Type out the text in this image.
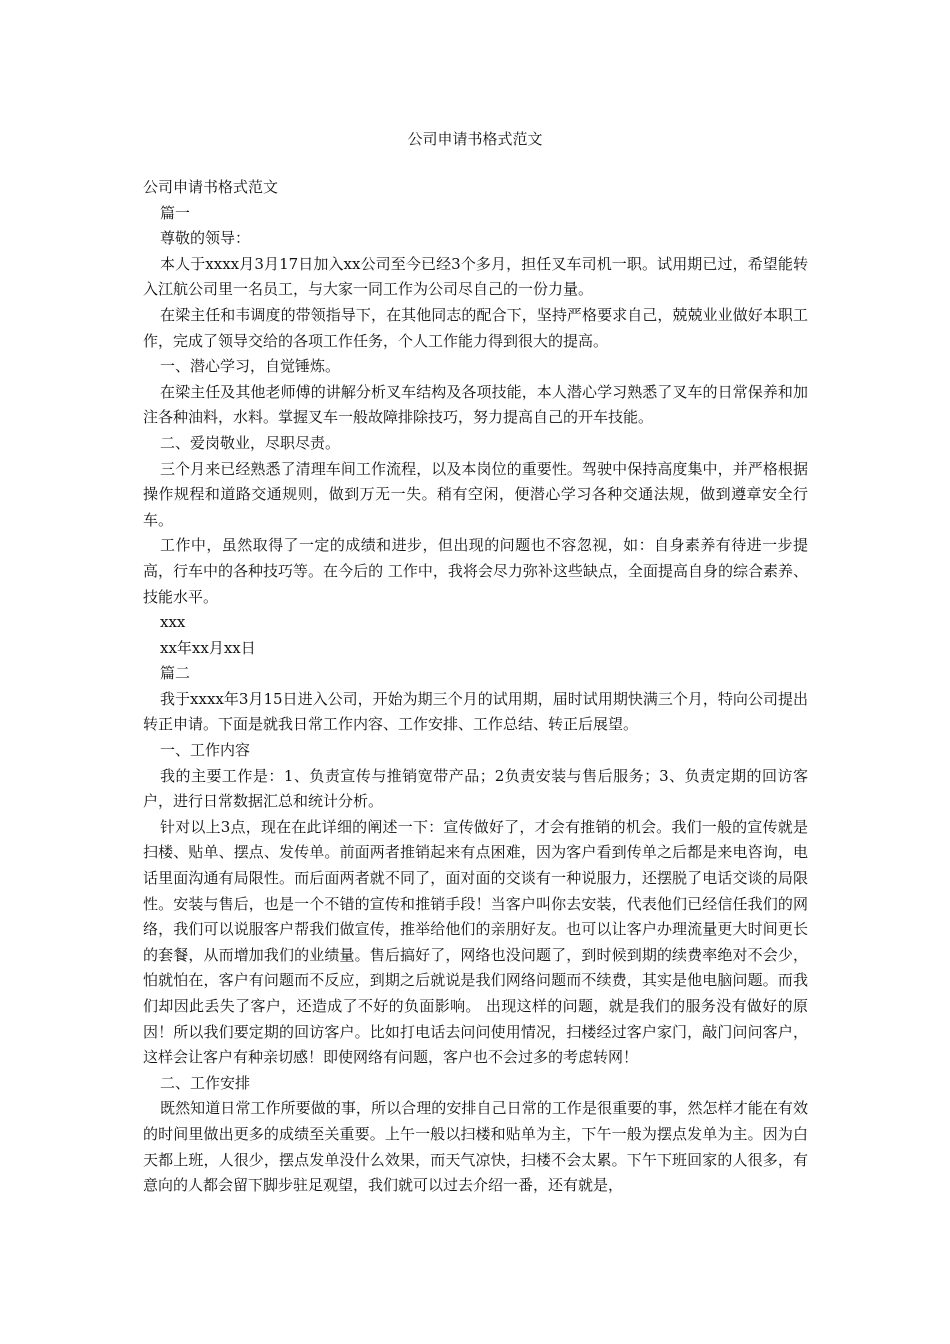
公司申请书格式范文

公司申请书格式范文

篇一

尊敬的领导：

本人于xxxx月3月17日加入xx公司至今已经3个多月，担任叉车司机一职。试用期已过，希望能转入江航公司里一名员工，与大家一同工作为公司尽自己的一份力量。

在梁主任和韦调度的带领指导下，在其他同志的配合下，坚持严格要求自己，兢兢业业做好本职工作，完成了领导交给的各项工作任务，个人工作能力得到很大的提高。

一、潜心学习，自觉锤炼。

在梁主任及其他老师傅的讲解分析叉车结构及各项技能，本人潜心学习熟悉了叉车的日常保养和加注各种油料，水料。掌握叉车一般故障排除技巧，努力提高自己的开车技能。

二、爱岗敬业，尽职尽责。

三个月来已经熟悉了清理车间工作流程，以及本岗位的重要性。驾驶中保持高度集中，并严格根据操作规程和道路交通规则，做到万无一失。稍有空闲，便潜心学习各种交通法规，做到遵章安全行车。

工作中，虽然取得了一定的成绩和进步，但出现的问题也不容忽视，如：自身素养有待进一步提高，行车中的各种技巧等。在今后的 工作中，我将会尽力弥补这些缺点，全面提高自身的综合素养、技能水平。

xxx

xx年xx月xx日

篇二

我于xxxx年3月15日进入公司，开始为期三个月的试用期，届时试用期快满三个月，特向公司提出转正申请。下面是就我日常工作内容、工作安排、工作总结、转正后展望。

一、工作内容

我的主要工作是：1、负责宣传与推销宽带产品；2负责安装与售后服务；3、负责定期的回访客户，进行日常数据汇总和统计分析。

针对以上3点，现在在此详细的阐述一下：宣传做好了，才会有推销的机会。我们一般的宣传就是扫楼、贴单、摆点、发传单。前面两者推销起来有点困难，因为客户看到传单之后都是来电咨询，电话里面沟通有局限性。而后面两者就不同了，面对面的交谈有一种说服力，还摆脱了电话交谈的局限性。安装与售后，也是一个不错的宣传和推销手段！当客户叫你去安装，代表他们已经信任我们的网络，我们可以说服客户帮我们做宣传，推举给他们的亲朋好友。也可以让客户办理流量更大时间更长的套餐，从而增加我们的业绩量。售后搞好了，网络也没问题了，到时候到期的续费率绝对不会少，怕就怕在，客户有问题而不反应，到期之后就说是我们网络问题而不续费，其实是他电脑问题。而我们却因此丢失了客户，还造成了不好的负面影响。 出现这样的问题，就是我们的服务没有做好的原因！所以我们要定期的回访客户。比如打电话去问问使用情况，扫楼经过客户家门，敲门问问客户，这样会让客户有种亲切感！即使网络有问题，客户也不会过多的考虑转网！

二、工作安排

既然知道日常工作所要做的事，所以合理的安排自己日常的工作是很重要的事，然怎样才能在有效的时间里做出更多的成绩至关重要。上午一般以扫楼和贴单为主，下午一般为摆点发单为主。因为白天都上班，人很少，摆点发单没什么效果，而天气凉快，扫楼不会太累。下午下班回家的人很多，有意向的人都会留下脚步驻足观望，我们就可以过去介绍一番，还有就是，
